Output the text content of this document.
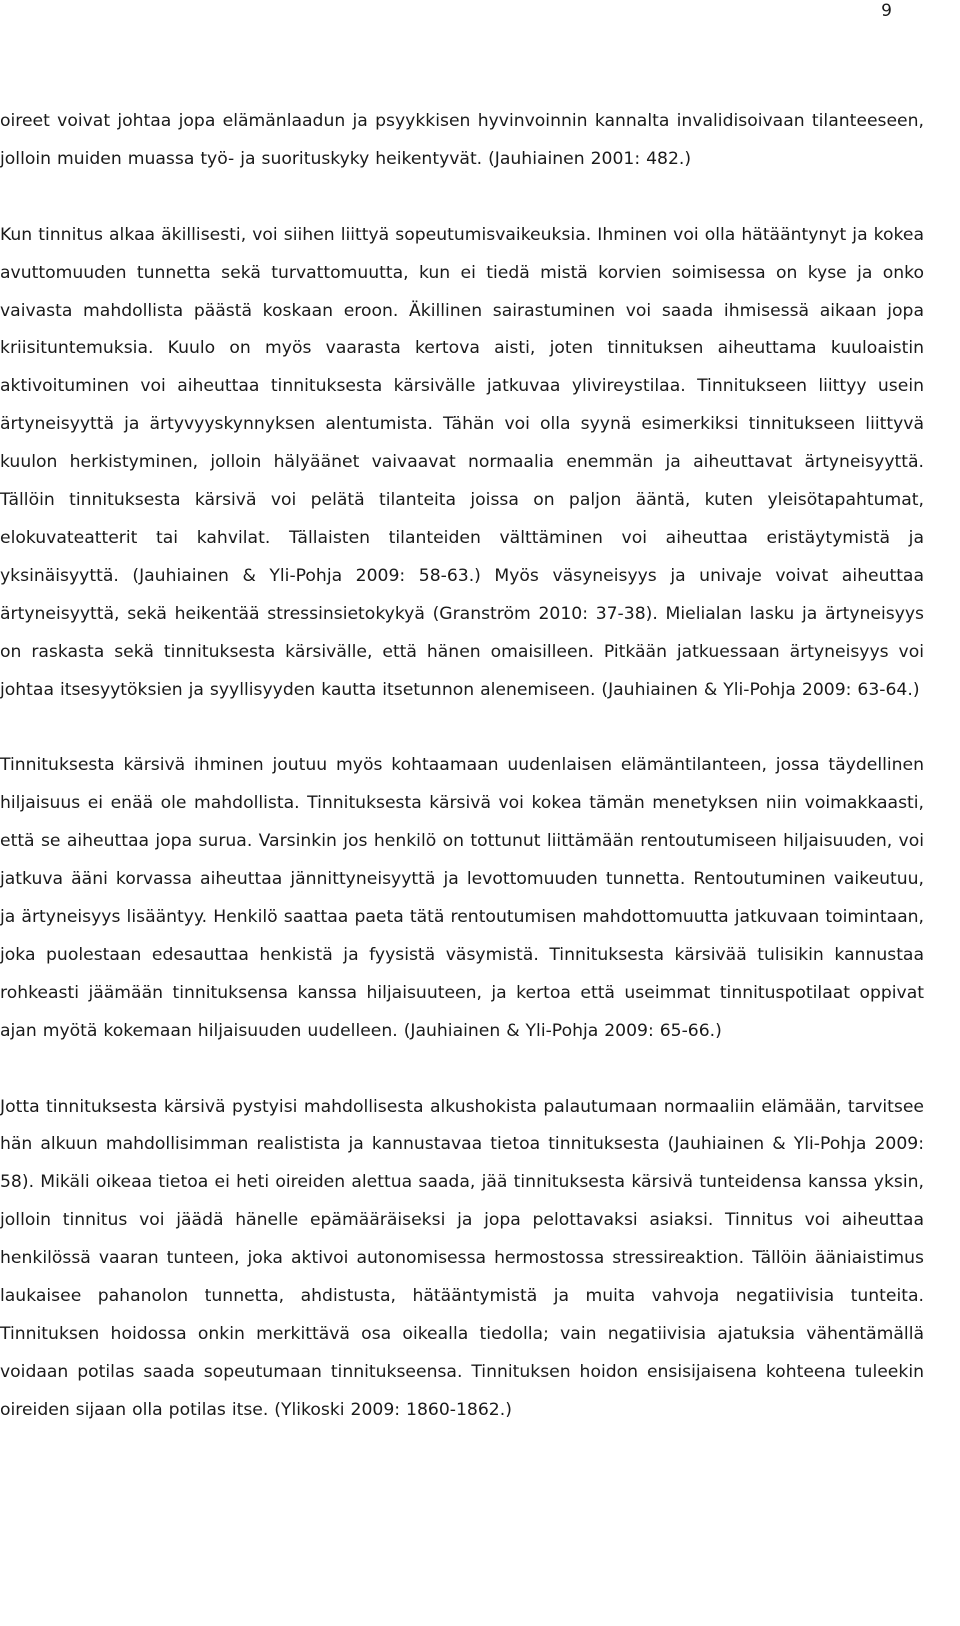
9

oireet voivat johtaa jopa elämänlaadun ja psyykkisen hyvinvoinnin kannalta invalidisoivaan tilanteeseen, jolloin muiden muassa työ- ja suorituskyky heikentyvät. (Jauhiainen 2001: 482.)

Kun tinnitus alkaa äkillisesti, voi siihen liittyä sopeutumisvaikeuksia. Ihminen voi olla hätääntynyt ja kokea avuttomuuden tunnetta sekä turvattomuutta, kun ei tiedä mistä korvien soimisessa on kyse ja onko vaivasta mahdollista päästä koskaan eroon. Äkillinen sairastuminen voi saada ihmisessä aikaan jopa kriisituntemuksia. Kuulo on myös vaarasta kertova aisti, joten tinnituksen aiheuttama kuuloaistin aktivoituminen voi aiheuttaa tinnituksesta kärsivälle jatkuvaa ylivireystilaa. Tinnitukseen liittyy usein ärtyneisyyttä ja ärtyvyyskynnyksen alentumista. Tähän voi olla syynä esimerkiksi tinnitukseen liittyvä kuulon herkistyminen, jolloin hälyäänet vaivaavat normaalia enemmän ja aiheuttavat ärtyneisyyttä. Tällöin tinnituksesta kärsivä voi pelätä tilanteita joissa on paljon ääntä, kuten yleisötapahtumat, elokuvateatterit tai kahvilat. Tällaisten tilanteiden välttäminen voi aiheuttaa eristäytymistä ja yksinäisyyttä. (Jauhiainen & Yli-Pohja 2009: 58-63.) Myös väsyneisyys ja univaje voivat aiheuttaa ärtyneisyyttä, sekä heikentää stressinsietokykyä (Granström 2010: 37-38). Mielialan lasku ja ärtyneisyys on raskasta sekä tinnituksesta kärsivälle, että hänen omaisilleen. Pitkään jatkuessaan ärtyneisyys voi johtaa itsesyytöksien ja syyllisyyden kautta itsetunnon alenemiseen. (Jauhiainen & Yli-Pohja 2009: 63-64.)

Tinnituksesta kärsivä ihminen joutuu myös kohtaamaan uudenlaisen elämäntilanteen, jossa täydellinen hiljaisuus ei enää ole mahdollista. Tinnituksesta kärsivä voi kokea tämän menetyksen niin voimakkaasti, että se aiheuttaa jopa surua. Varsinkin jos henkilö on tottunut liittämään rentoutumiseen hiljaisuuden, voi jatkuva ääni korvassa aiheuttaa jännittyneisyyttä ja levottomuuden tunnetta. Rentoutuminen vaikeutuu, ja ärtyneisyys lisääntyy. Henkilö saattaa paeta tätä rentoutumisen mahdottomuutta jatkuvaan toimintaan, joka puolestaan edesauttaa henkistä ja fyysistä väsymistä. Tinnituksesta kärsivää tulisikin kannustaa rohkeasti jäämään tinnituksensa kanssa hiljaisuuteen, ja kertoa että useimmat tinnituspotilaat oppivat ajan myötä kokemaan hiljaisuuden uudelleen. (Jauhiainen & Yli-Pohja 2009: 65-66.)

Jotta tinnituksesta kärsivä pystyisi mahdollisesta alkushokista palautumaan normaaliin elämään, tarvitsee hän alkuun mahdollisimman realistista ja kannustavaa tietoa tinnituksesta (Jauhiainen & Yli-Pohja 2009: 58). Mikäli oikeaa tietoa ei heti oireiden alettua saada, jää tinnituksesta kärsivä tunteidensa kanssa yksin, jolloin tinnitus voi jäädä hänelle epämääräiseksi ja jopa pelottavaksi asiaksi. Tinnitus voi aiheuttaa henkilössä vaaran tunteen, joka aktivoi autonomisessa hermostossa stressireaktion. Tällöin ääniaistimus laukaisee pahanolon tunnetta, ahdistusta, hätääntymistä ja muita vahvoja negatiivisia tunteita. Tinnituksen hoidossa onkin merkittävä osa oikealla tiedolla; vain negatiivisia ajatuksia vähentämällä voidaan potilas saada sopeutumaan tinnitukseensa. Tinnituksen hoidon ensisijaisena kohteena tuleekin oireiden sijaan olla potilas itse. (Ylikoski 2009: 1860-1862.)
